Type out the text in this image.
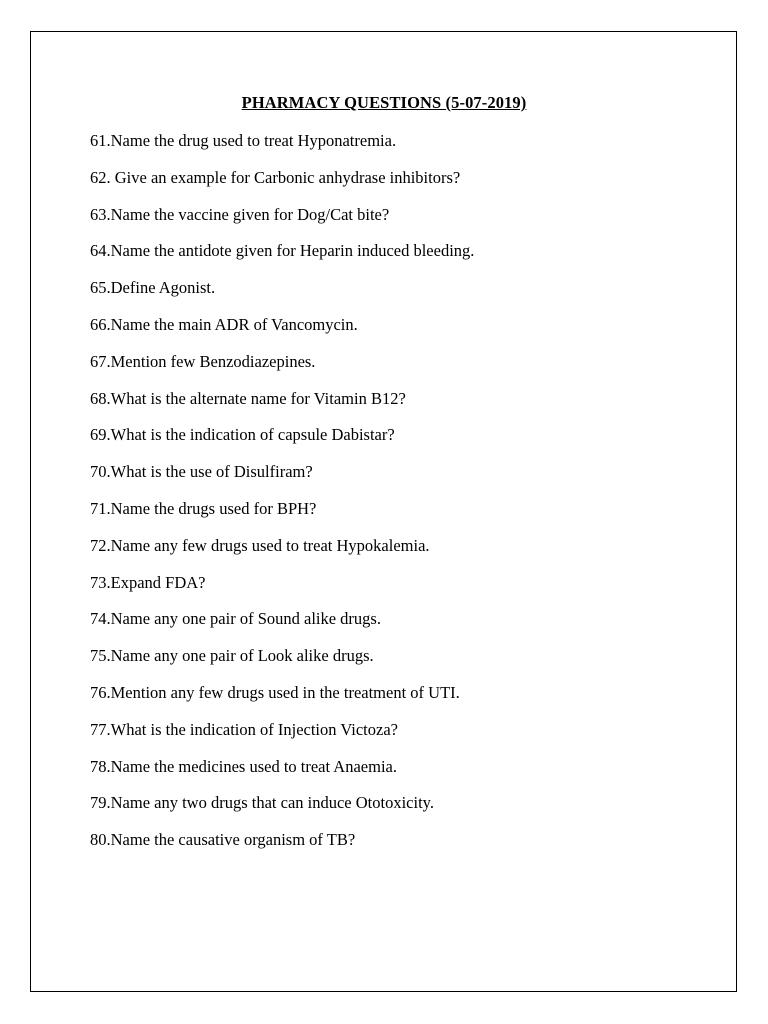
PHARMACY QUESTIONS (5-07-2019)
61.Name the drug used to treat Hyponatremia.
62. Give an example for Carbonic anhydrase inhibitors?
63.Name the vaccine given for Dog/Cat bite?
64.Name the antidote given for Heparin induced bleeding.
65.Define Agonist.
66.Name the main ADR of Vancomycin.
67.Mention few Benzodiazepines.
68.What is the alternate name for Vitamin B12?
69.What is the indication of capsule Dabistar?
70.What is the use of Disulfiram?
71.Name the drugs used for BPH?
72.Name any few drugs used to treat Hypokalemia.
73.Expand FDA?
74.Name any one pair of Sound alike drugs.
75.Name any one pair of Look alike drugs.
76.Mention any few drugs used in the treatment of UTI.
77.What is the indication of Injection Victoza?
78.Name the medicines used to treat Anaemia.
79.Name any two drugs that can induce Ototoxicity.
80.Name the causative organism of TB?
